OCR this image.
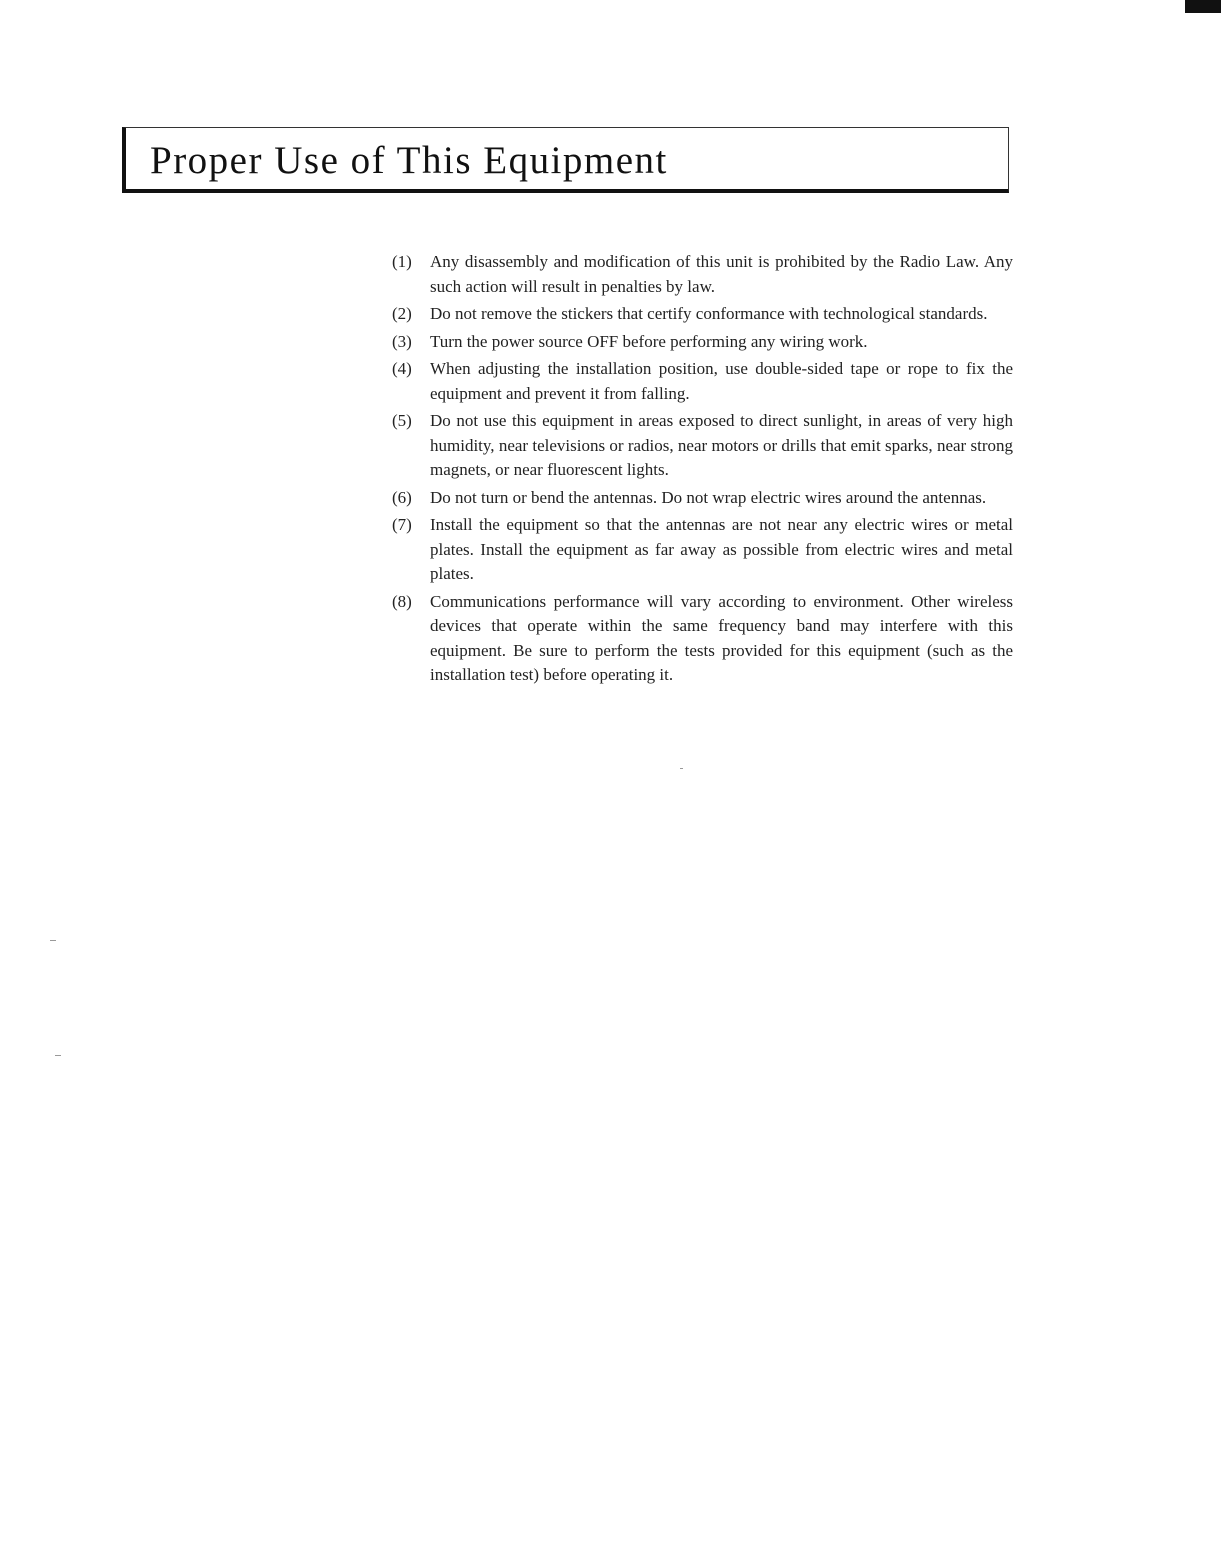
Proper Use of This Equipment
(1) Any disassembly and modification of this unit is prohibited by the Radio Law. Any such action will result in penalties by law.
(2) Do not remove the stickers that certify conformance with technological standards.
(3) Turn the power source OFF before performing any wiring work.
(4) When adjusting the installation position, use double-sided tape or rope to fix the equipment and prevent it from falling.
(5) Do not use this equipment in areas exposed to direct sunlight, in areas of very high humidity, near televisions or radios, near motors or drills that emit sparks, near strong magnets, or near fluorescent lights.
(6) Do not turn or bend the antennas. Do not wrap electric wires around the antennas.
(7) Install the equipment so that the antennas are not near any electric wires or metal plates. Install the equipment as far away as possible from electric wires and metal plates.
(8) Communications performance will vary according to environment. Other wireless devices that operate within the same frequency band may interfere with this equipment. Be sure to perform the tests provided for this equipment (such as the installation test) before operating it.
